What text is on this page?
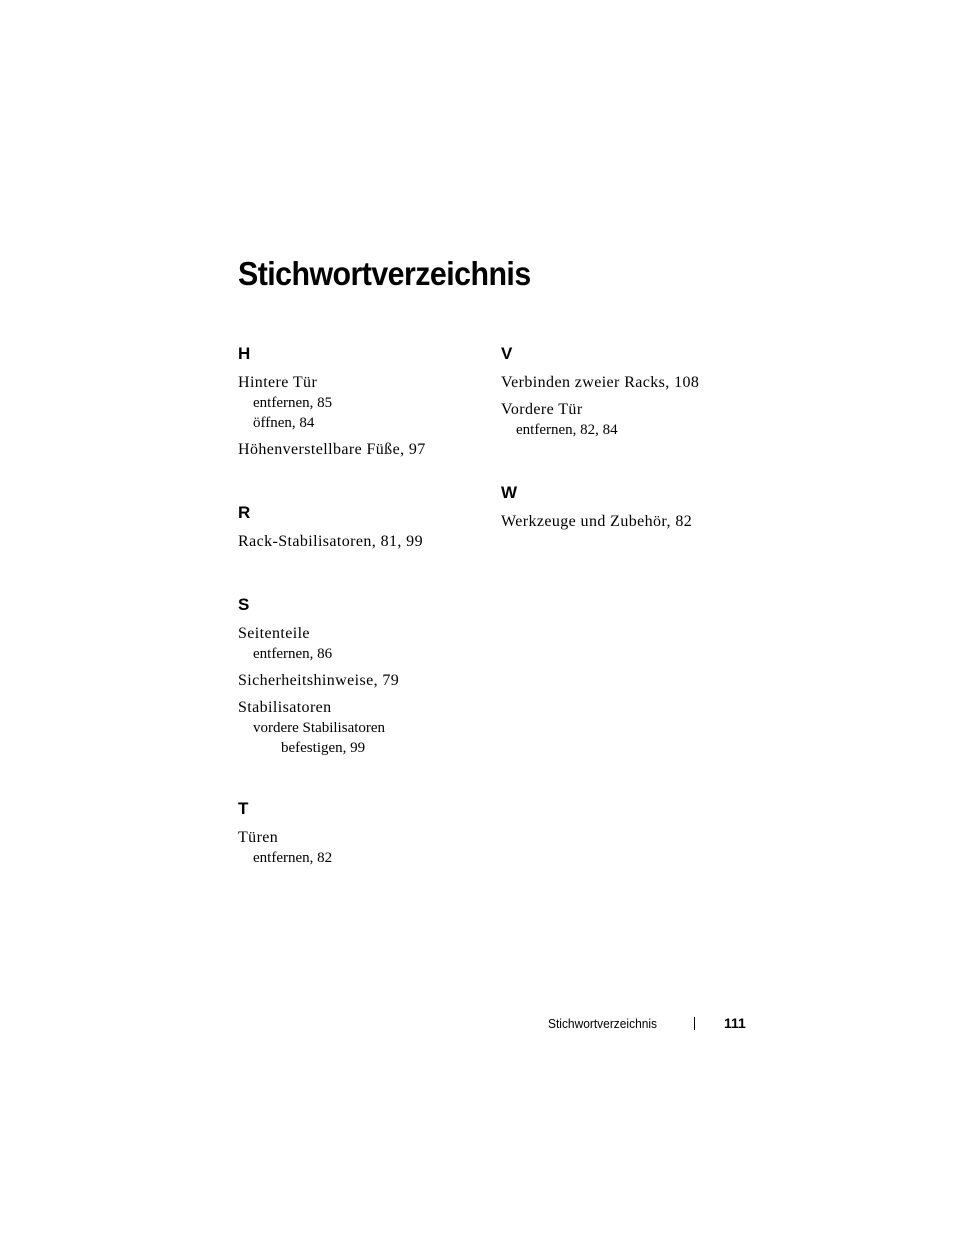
Stichwortverzeichnis
H
Hintere Tür
entfernen, 85
öffnen, 84
Höhenverstellbare Füße, 97
R
Rack-Stabilisatoren, 81, 99
S
Seitenteile
entfernen, 86
Sicherheitshinweise, 79
Stabilisatoren
vordere Stabilisatoren
befestigen, 99
T
Türen
entfernen, 82
V
Verbinden zweier Racks, 108
Vordere Tür
entfernen, 82, 84
W
Werkzeuge und Zubehör, 82
Stichwortverzeichnis	111
